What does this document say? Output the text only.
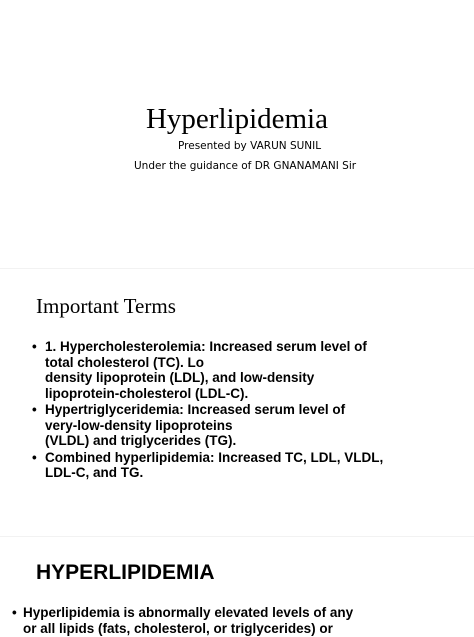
Hyperlipidemia
Presented by VARUN SUNIL
Under the guidance of DR GNANAMANI Sir
Important Terms
• 1. Hypercholesterolemia: Increased serum level of
total cholesterol (TC). Lo
density lipoprotein (LDL), and low-density
lipoprotein-cholesterol (LDL-C).
• Hypertriglyceridemia: Increased serum level of
very-low-density lipoproteins
(VLDL) and triglycerides (TG).
• Combined hyperlipidemia: Increased TC, LDL, VLDL,
LDL-C, and TG.
HYPERLIPIDEMIA
• Hyperlipidemia is abnormally elevated levels of any
or all lipids (fats, cholesterol, or triglycerides) or
